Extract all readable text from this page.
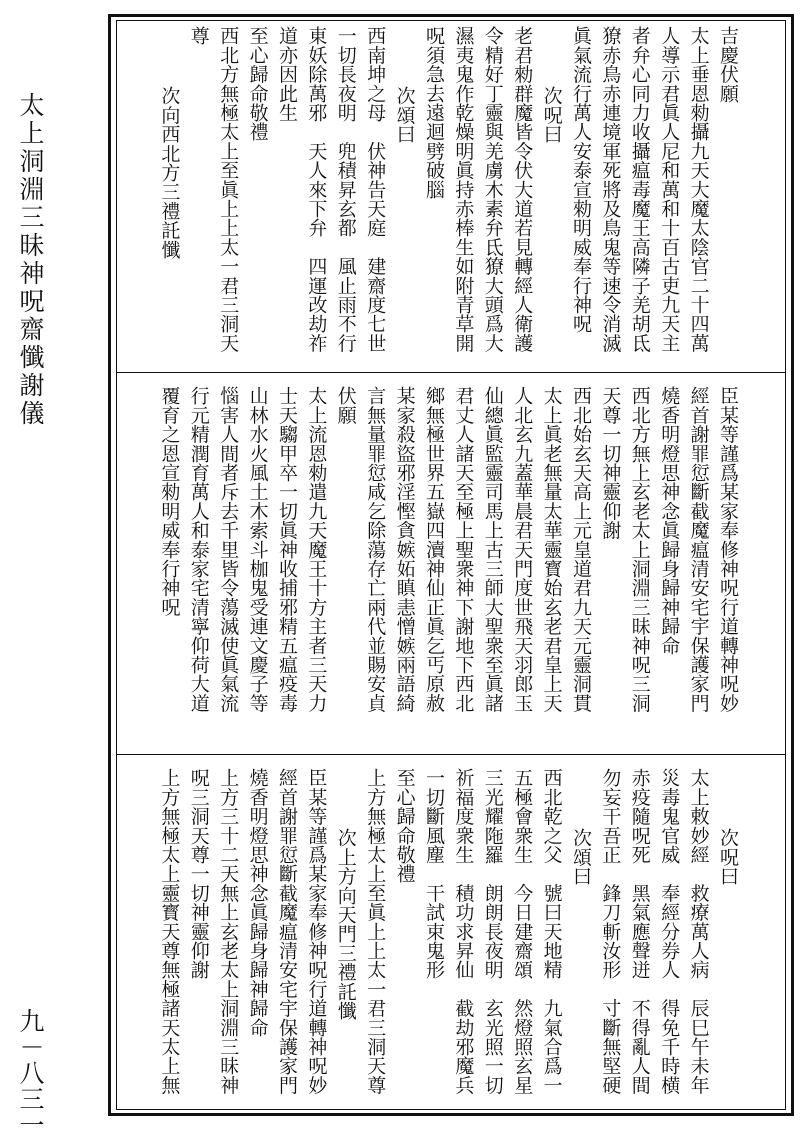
太上洞淵三昧神呪齋懺謝儀
九－八三一
吉慶伏願
太上垂恩勑攝九天大魔太陰官二十四萬
人導示君眞人尼和萬和十百古吏九天主
者弁心同力收攝瘟毒魔王高隣子羌胡氐
獠赤鳥赤連境軍死將及鳥鬼等速令消滅
眞氣流行萬人安泰宣勑明威奉行神呪
次呪曰
老君勑群魔皆令伏大道若見轉經人衛護
令精好丁靈與羌虜木素弁氐獠大頭爲大
濕夷鬼作乾燥明眞持赤棒生如附青草開
呪須急去遠迴劈破腦
次頌曰
西南坤之母　伏神告天庭　建齋度七世
一切長夜明　兜積昇玄都　風止雨不行
東妖除萬邪　天人來下弁　四運改劫祚
道亦因此生
至心歸命敬禮
西北方無極太上至眞上上太一君三洞天
尊
次向西北方三禮託懺
臣某等謹爲某家奉修神呪行道轉神呪妙
經首謝罪愆斷截魔瘟清安宅宇保護家門
燒香明燈思神念眞歸身歸神歸命
西北方無上玄老太上洞淵三昧神呪三洞
天尊一切神靈仰謝
西北始玄天高上元皇道君九天元靈洞貫
太上眞老無量太華靈寳始玄老君皇上天
人北玄九蓋華晨君天門度世飛天羽郎玉
仙總眞監靈司馬上古三師大聖衆至眞諸
君丈人諸天至極上聖衆神下謝地下西北
鄉無極世界五嶽四瀆神仙正眞乞丐原赦
某家殺盜邪淫慳貪嫉妬瞋恚憎嫉兩語綺
言無量罪愆咸乞除蕩存亡兩代並賜安貞
伏願
太上流恩勑遣九天魔王十方主者三天力
士天騶甲卒一切眞神收捕邪精五瘟疫毒
山林水火風土木索斗枷鬼受連文慶子等
惱害人間者斥去千里皆令蕩滅使眞氣流
行元精潤育萬人和泰家宅清寧仰荷大道
覆育之恩宣勑明威奉行神呪
次呪曰
太上敕妙經　救療萬人病　辰巳午未年
災毒鬼官威　奉經分券人　得免千時横
赤疫隨呪死　黑氣應聲迸　不得亂人間
勿妄干吾正　鋒刀斬汝形　寸斷無堅硬
次頌曰
西北乾之父　號曰天地精　九氣合爲一
五極會衆生　今日建齋頌　然燈照玄星
三光耀陁羅　朗朗長夜明　玄光照一切
祈福度衆生　積功求昇仙　截劫邪魔兵
一切斷風塵　干試束鬼形
至心歸命敬禮
上方無極太上至眞上上太一君三洞天尊
次上方向天門三禮託懺
臣某等謹爲某家奉修神呪行道轉神呪妙
經首謝罪愆斷截魔瘟清安宅宇保護家門
燒香明燈思神念眞歸身歸神歸命
上方三十二天無上玄老太上洞淵三昧神
呪三洞天尊一切神靈仰謝
上方無極太上靈寳天尊無極諸天太上無
